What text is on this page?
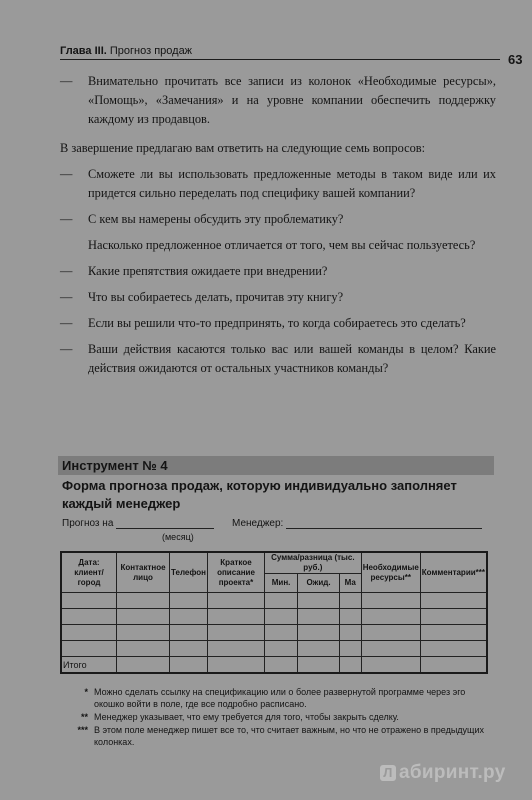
Глава III. Прогноз продаж
63
— Внимательно прочитать все записи из колонок «Необходимые ресурсы», «Помощь», «Замечания» и на уровне компании обеспечить поддержку каждому из продавцов.
В завершение предлагаю вам ответить на следующие семь вопросов:
— Сможете ли вы использовать предложенные методы в таком виде или их придется сильно переделать под специфику вашей компании?
— С кем вы намерены обсудить эту проблематику?
Насколько предложенное отличается от того, чем вы сейчас пользуетесь?
— Какие препятствия ожидаете при внедрении?
— Что вы собираетесь делать, прочитав эту книгу?
— Если вы решили что-то предпринять, то когда собираетесь это сделать?
— Ваши действия касаются только вас или вашей команды в целом? Какие действия ожидаются от остальных участников команды?
Инструмент № 4
Форма прогноза продаж, которую индивидуально заполняет каждый менеджер
Прогноз на
(месяц)
Менеджер:
Дата: клиент/ город	Контактное лицо	Телефон	Краткое описание проекта*	Сумма/разница (тыс. руб.)			Необходимые ресурсы**	Комментарии***
				Мин.	Ожид.	Ма		

Итого								
* Можно сделать ссылку на спецификацию или о более развернутой программе через эго окошко войти в поле, где все подробно расписано.
** Менеджер указывает, что ему требуется для того, чтобы закрыть сделку.
*** В этом поле менеджер пишет все то, что считает важным, но что не отражено в предыдущих колонках.
Л абиринт.ру
